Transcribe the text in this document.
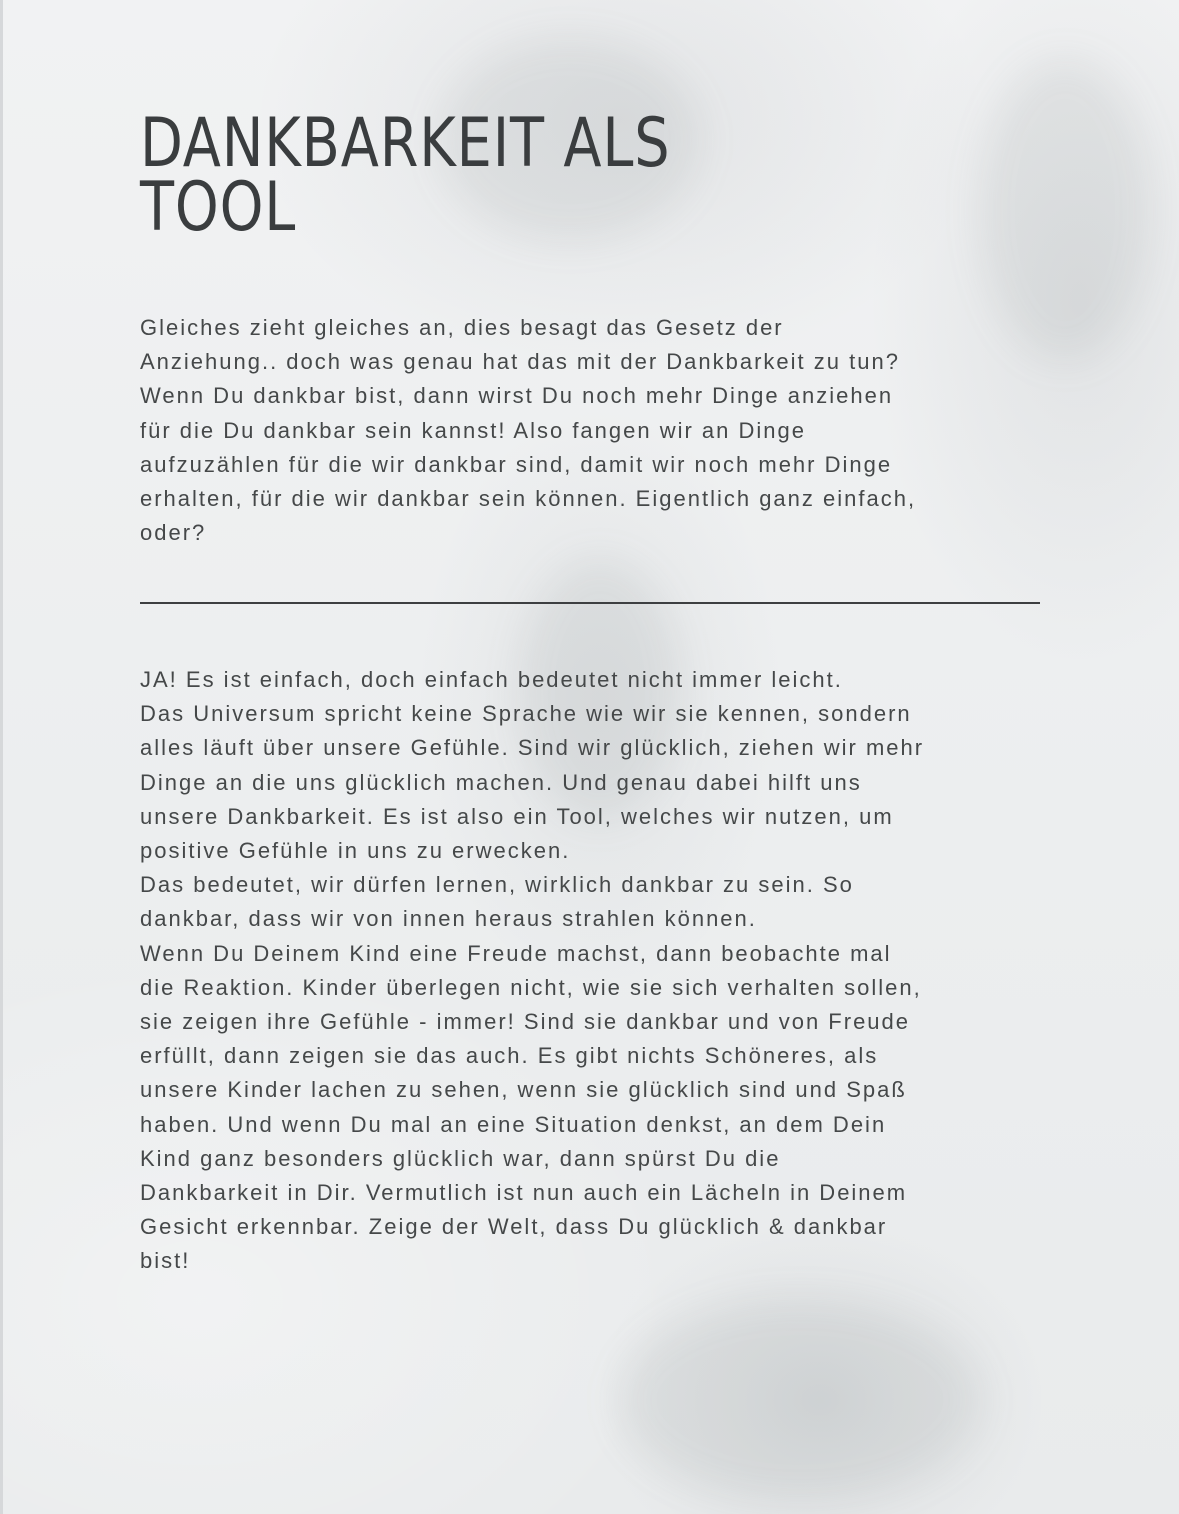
DANKBARKEIT ALS
TOOL

Gleiches zieht gleiches an, dies besagt das Gesetz der
Anziehung.. doch was genau hat das mit der Dankbarkeit zu tun?
Wenn Du dankbar bist, dann wirst Du noch mehr Dinge anziehen
für die Du dankbar sein kannst! Also fangen wir an Dinge
aufzuzählen für die wir dankbar sind, damit wir noch mehr Dinge
erhalten, für die wir dankbar sein können. Eigentlich ganz einfach,
oder?

JA! Es ist einfach, doch einfach bedeutet nicht immer leicht.
Das Universum spricht keine Sprache wie wir sie kennen, sondern
alles läuft über unsere Gefühle. Sind wir glücklich, ziehen wir mehr
Dinge an die uns glücklich machen. Und genau dabei hilft uns
unsere Dankbarkeit. Es ist also ein Tool, welches wir nutzen, um
positive Gefühle in uns zu erwecken.
Das bedeutet, wir dürfen lernen, wirklich dankbar zu sein. So
dankbar, dass wir von innen heraus strahlen können.
Wenn Du Deinem Kind eine Freude machst, dann beobachte mal
die Reaktion. Kinder überlegen nicht, wie sie sich verhalten sollen,
sie zeigen ihre Gefühle - immer! Sind sie dankbar und von Freude
erfüllt, dann zeigen sie das auch. Es gibt nichts Schöneres, als
unsere Kinder lachen zu sehen, wenn sie glücklich sind und Spaß
haben. Und wenn Du mal an eine Situation denkst, an dem Dein
Kind ganz besonders glücklich war, dann spürst Du die
Dankbarkeit in Dir. Vermutlich ist nun auch ein Lächeln in Deinem
Gesicht erkennbar. Zeige der Welt, dass Du glücklich & dankbar
bist!
